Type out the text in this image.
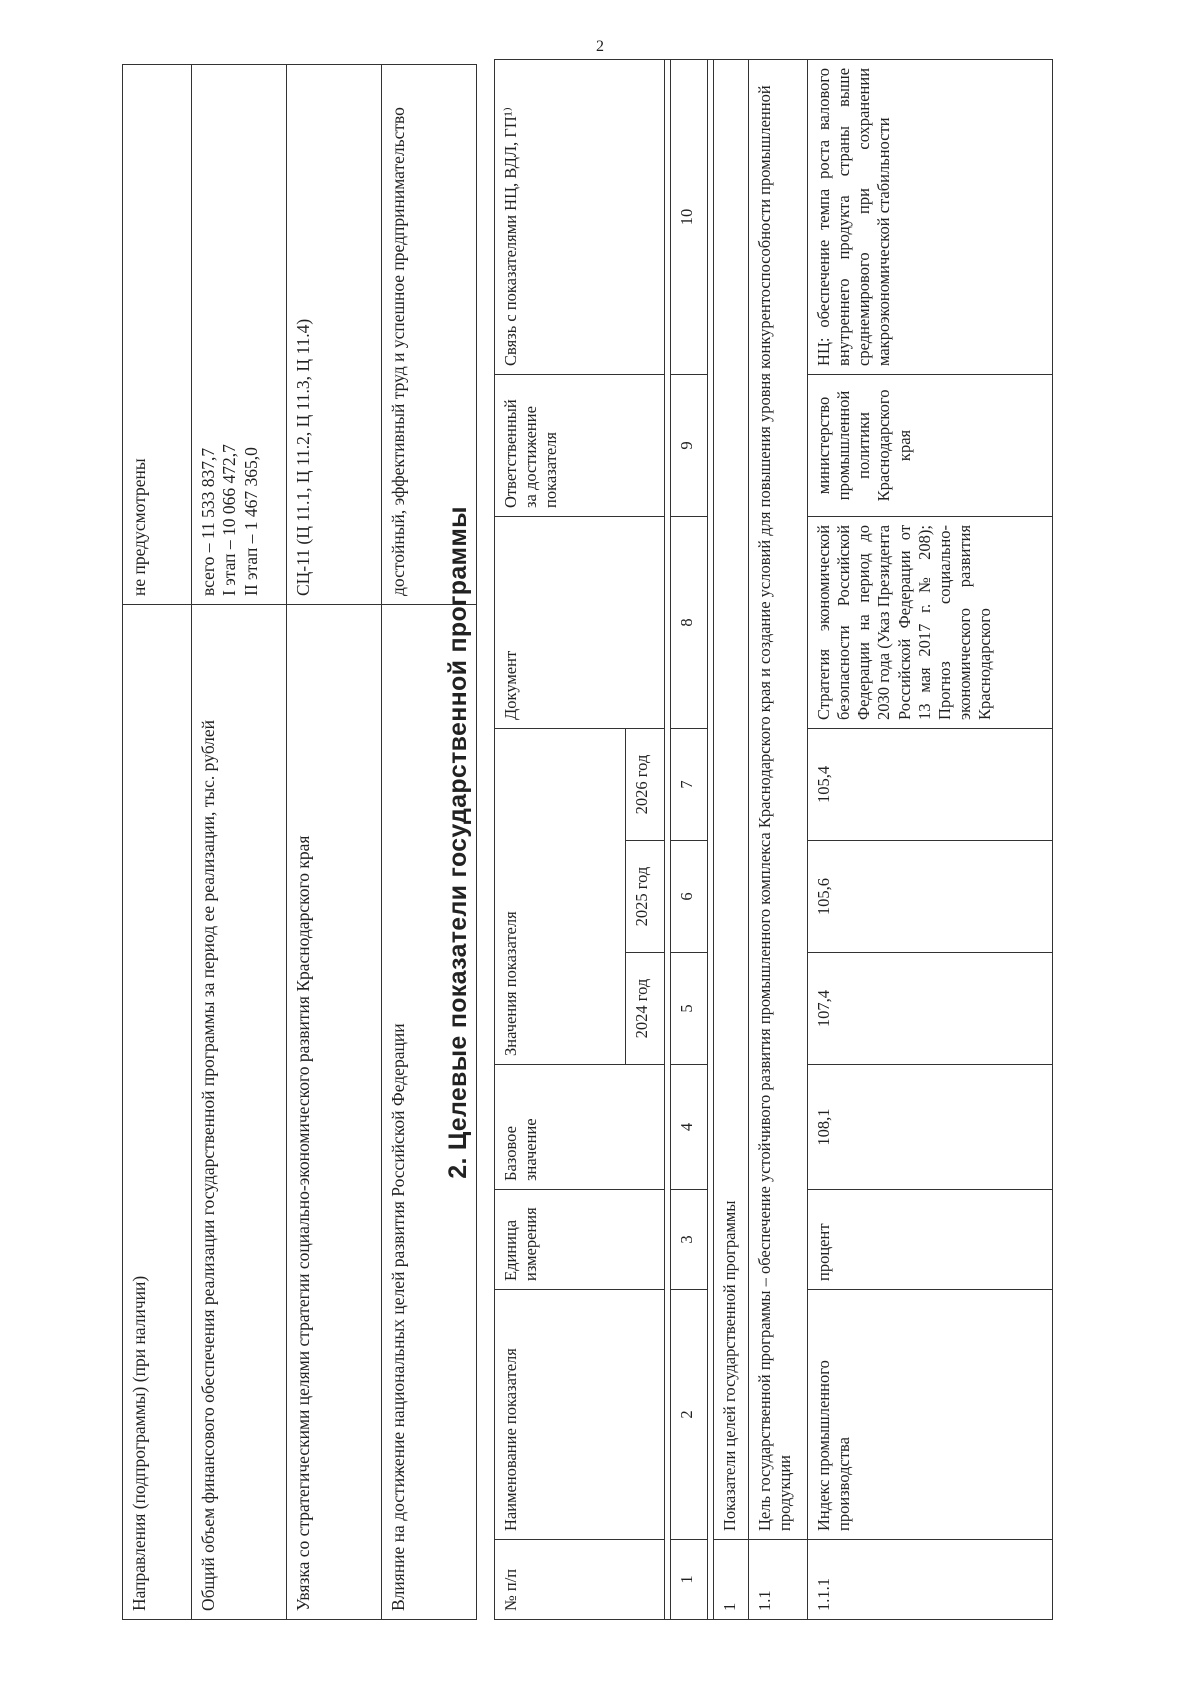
2
Направления (подпрограммы) (при наличии)	не предусмотрены
Общий объем финансового обеспечения реализации государственной программы за период ее реализации, тыс. рублей	всего – 11 533 837,7 I этап – 10 066 472,7 II этап – 1 467 365,0

Увязка со стратегическими целями стратегии социально-экономического развития Краснодарского края	СЦ-11 (Ц 11.1, Ц 11.2, Ц 11.3, Ц 11.4)
Влияние на достижение национальных целей развития Российской Федерации	достойный, эффективный труд и успешное предпринимательство
2. Целевые показатели государственной программы
№ п/п	Наименование показателя	Единица измерения	Базовое значение	Значения показателя			Документ	Ответственный за достижение показателя	Связь с показателями НЦ, ВДЛ, ГП¹⁾
				2024 год	2025 год	2026 год			

1	2	3	4	5	6	7	8	9	10

1	Показатели целей государственной программы								
1.1	Цель государственной программы – обеспечение устойчивого развития промышленного комплекса Краснодарского края и создание условий для повышения уровня конкурентоспособности промышленной продукции								
1.1.1	Индекс промышленного производства	процент	108,1	107,4	105,6	105,4	Стратегия экономической безопасности Российской Федерации на период до 2030 года (Указ Президента Российской Федерации от 13 мая 2017 г. № 208); Прогноз социально-экономического развития Краснодарского	министерство промышленной политики Краснодарского края	НЦ: обеспечение темпа роста валового внутреннего продукта страны выше среднемирового при сохранении макроэкономической стабильности
